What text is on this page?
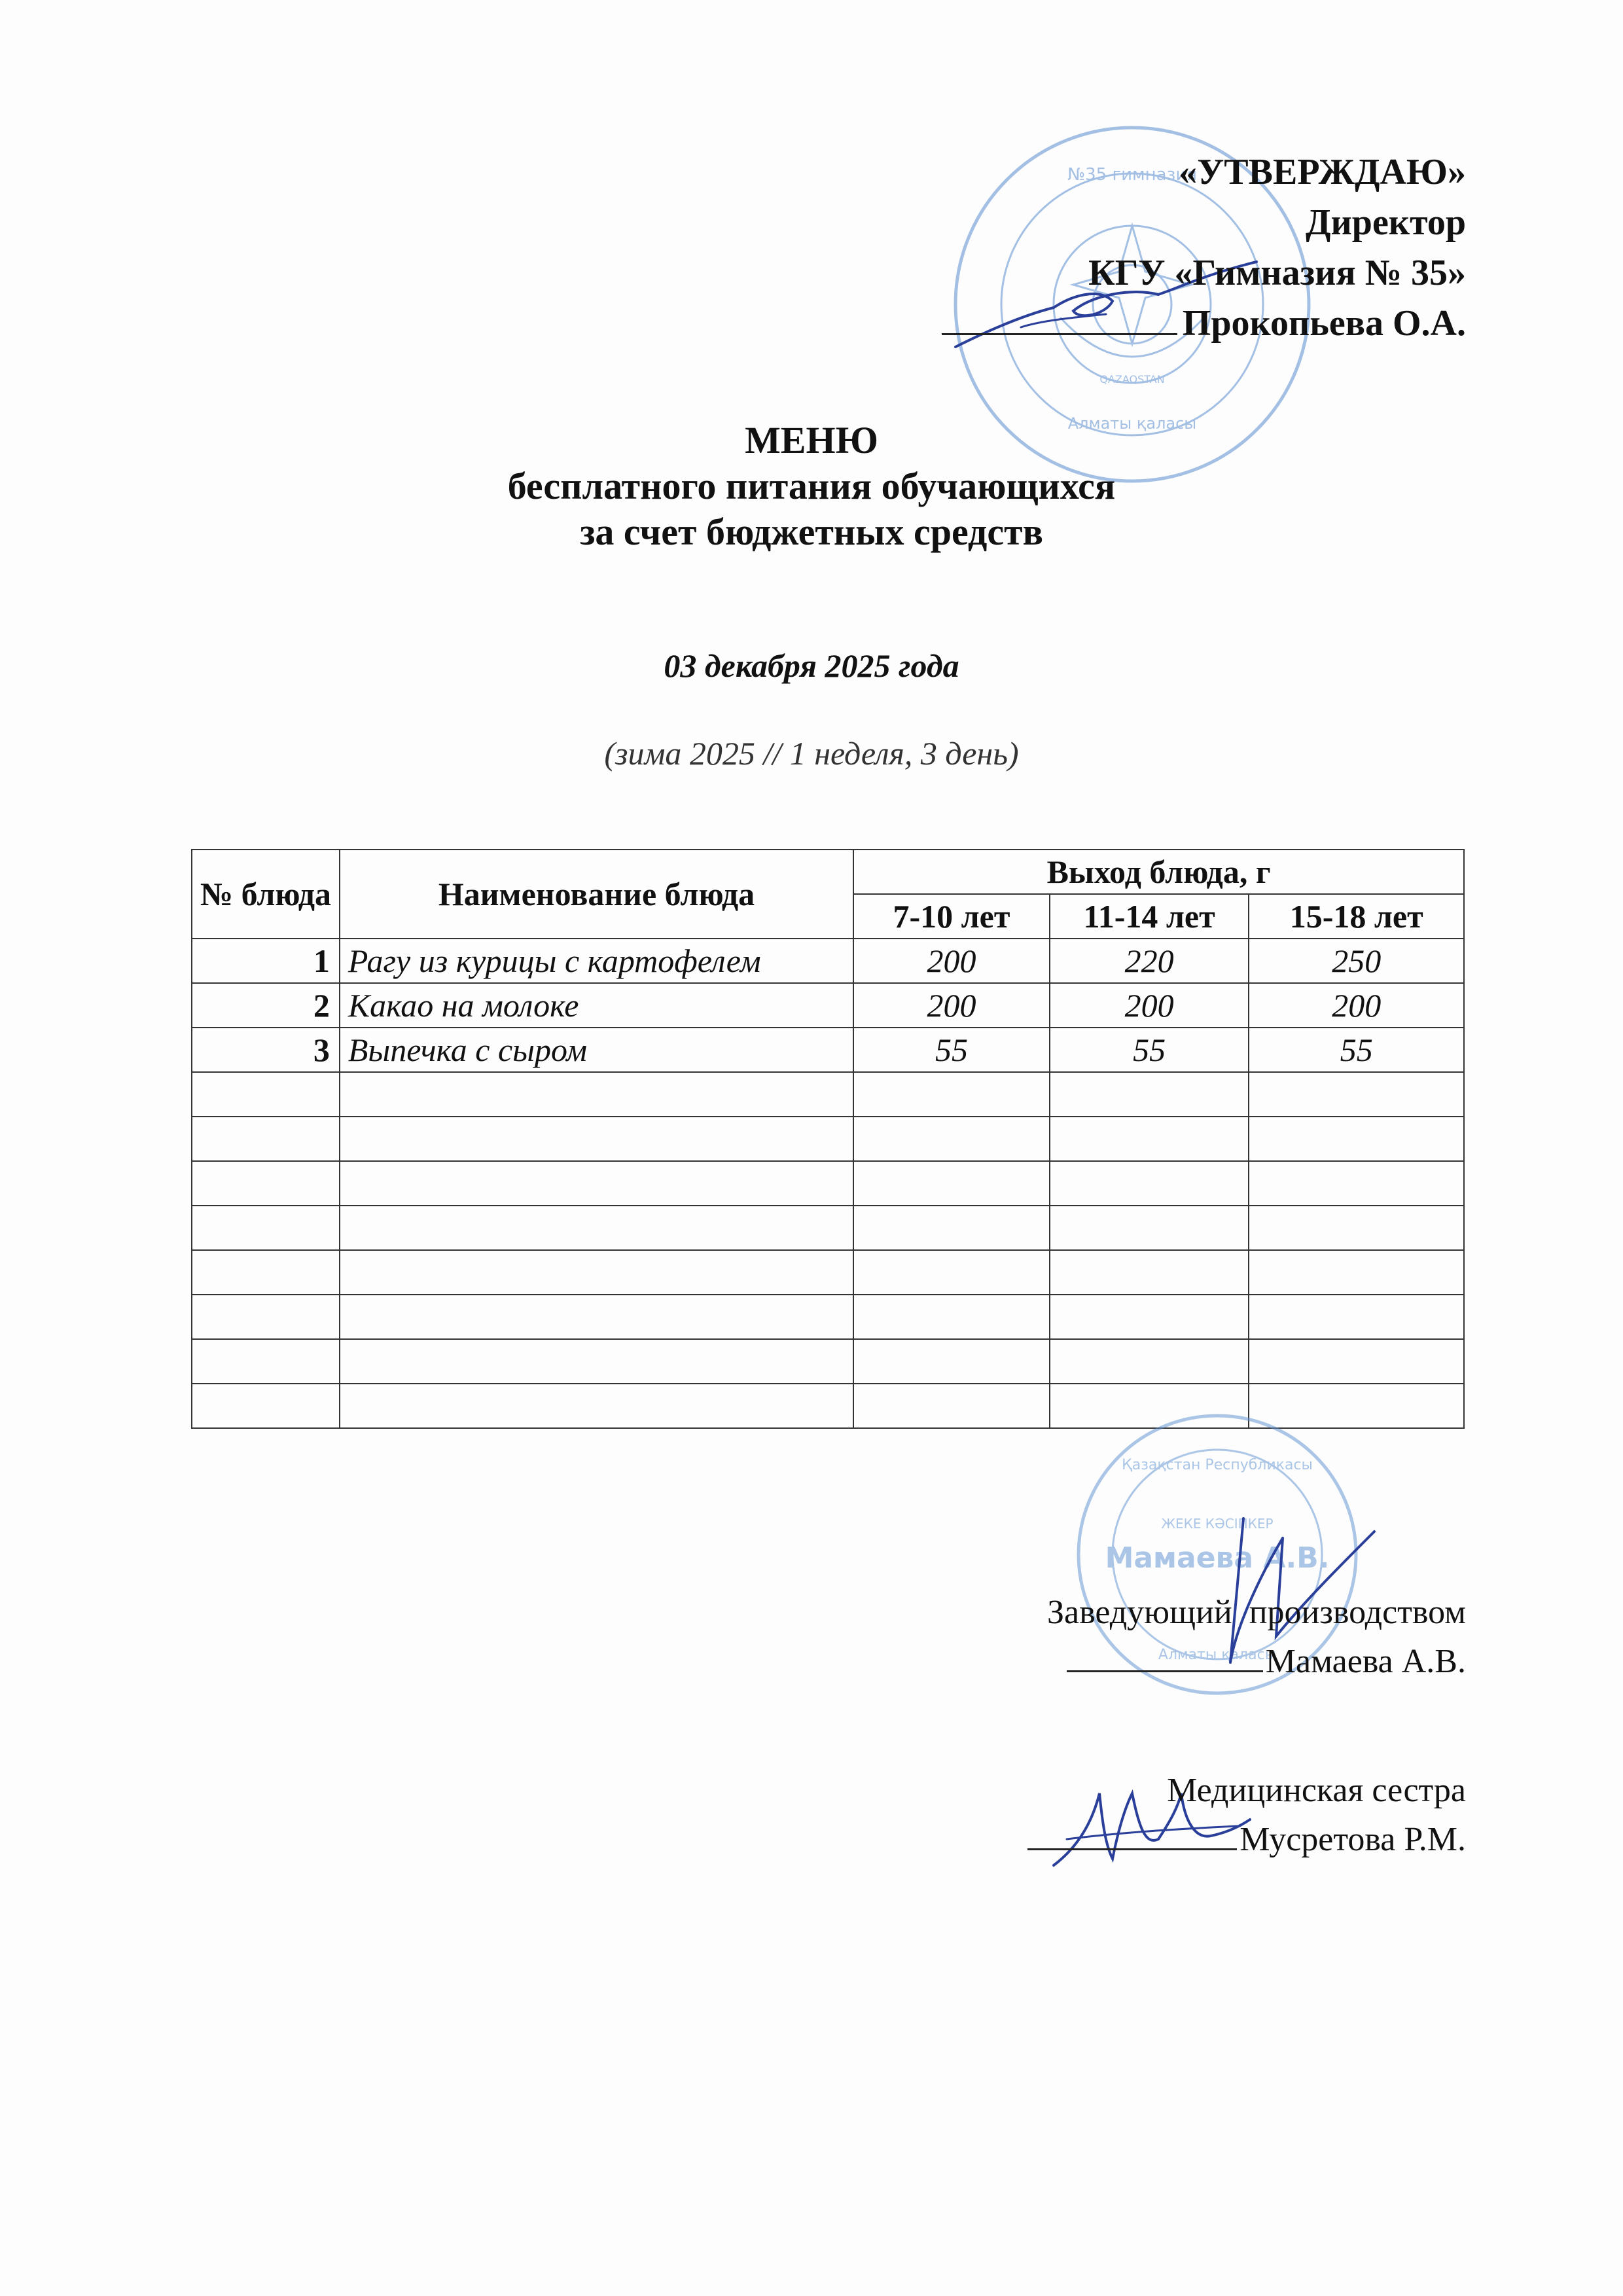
№35 гимназия
Алматы қаласы
QAZAQSTAN
«УТВЕРЖДАЮ»
Директор
КГУ «Гимназия № 35»
Прокопьева О.А.
МЕНЮ
бесплатного питания обучающихся
за счет бюджетных средств
03 декабря 2025 года
(зима 2025 // 1 неделя, 3 день)
№ блюда	Наименование блюда	Выход блюда, г		
		7-10 лет	11-14 лет	15-18 лет
1	Рагу из курицы с картофелем	200	220	250
2	Какао на молоке	200	200	200
3	Выпечка с сыром	55	55	55

Қазақстан Республикасы
ЖЕКЕ КӘСІПКЕР
Мамаева А.В.
Алматы қаласы
Заведующий  производством
Мамаева А.В.
Медицинская сестра
Мусретова Р.М.
